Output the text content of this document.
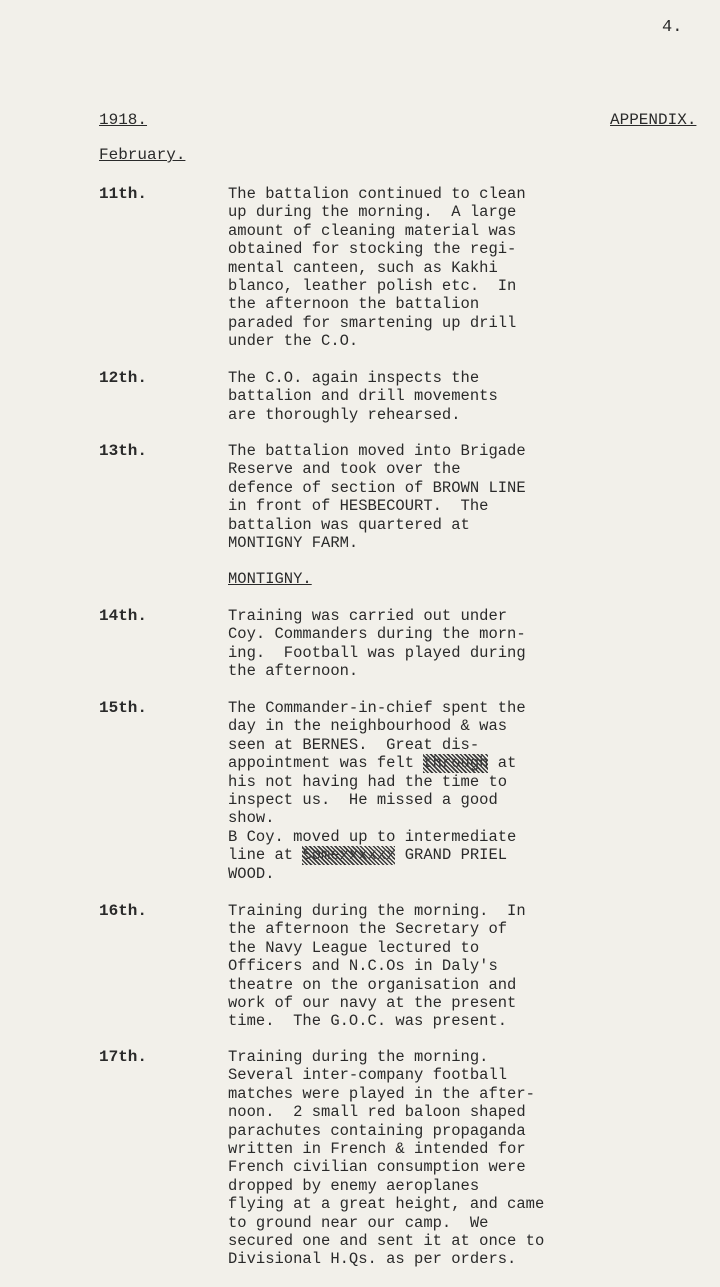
4.
1918.	APPENDIX.
February.
11th.	The battalion continued to clean
up during the morning.  A large
amount of cleaning material was
obtained for stocking the regi-
mental canteen, such as Kakhi
blanco, leather polish etc.  In
the afternoon the battalion
paraded for smartening up drill
under the C.O.
12th.	The C.O. again inspects the
battalion and drill movements
are thoroughly rehearsed.
13th.	The battalion moved into Brigade
Reserve and took over the
defence of section of BROWN LINE
in front of HESBECOURT.  The
battalion was quartered at
MONTIGNY FARM.
MONTIGNY.
14th.	Training was carried out under
Coy. Commanders during the morn-
ing.  Football was played during
the afternoon.
15th.	The Commander-in-chief spent the
day in the neighbourhood & was
seen at BERNES.  Great dis-
appointment was felt through at
his not having had the time to
inspect us.  He missed a good
show.
B Coy. moved up to intermediate
line at Somexxxxxx GRAND PRIEL
WOOD.
16th.	Training during the morning.  In
the afternoon the Secretary of
the Navy League lectured to
Officers and N.C.Os in Daly's
theatre on the organisation and
work of our navy at the present
time.  The G.O.C. was present.
17th.	Training during the morning.
Several inter-company football
matches were played in the after-
noon.  2 small red baloon shaped
parachutes containing propaganda
written in French & intended for
French civilian consumption were
dropped by enemy aeroplanes
flying at a great height, and came
to ground near our camp.  We
secured one and sent it at once to
Divisional H.Qs. as per orders.
